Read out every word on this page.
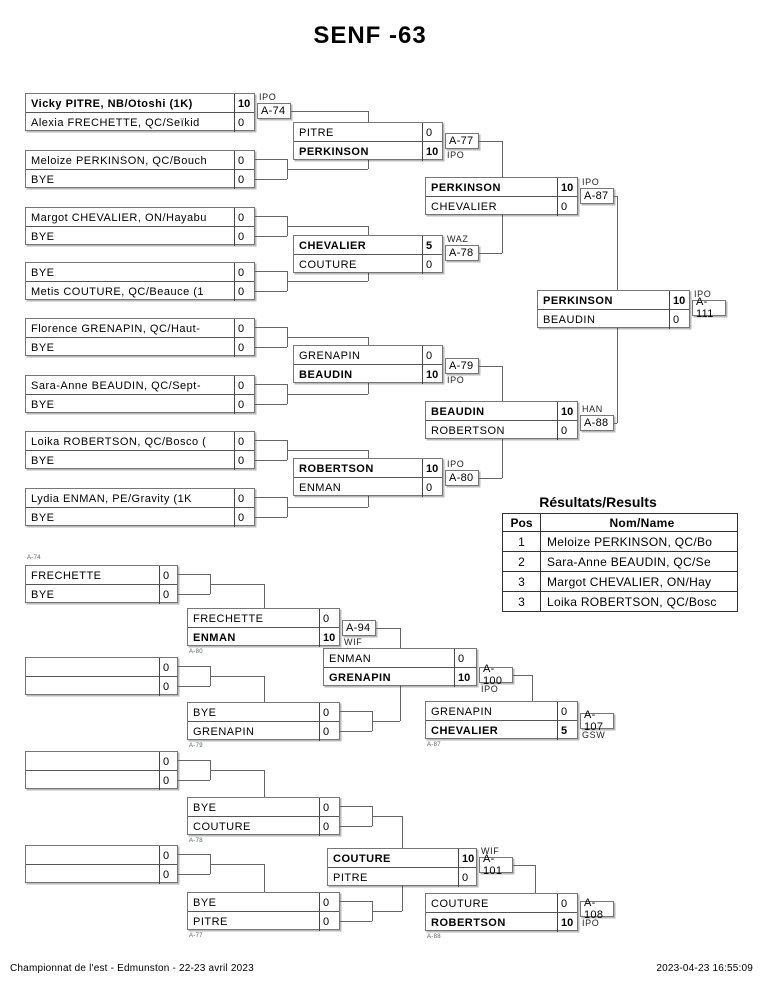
SENF -63
Vicky PITRE, NB/Otoshi (1K)	10
Alexia FRECHETTE, QC/Seïkid	0
A-74
IPO
Meloize PERKINSON, QC/Bouch	0
BYE	0
Margot CHEVALIER, ON/Hayabu	0
BYE	0
BYE	0
Metis COUTURE, QC/Beauce (1	0
Florence GRENAPIN, QC/Haut-	0
BYE	0
Sara-Anne BEAUDIN, QC/Sept-	0
BYE	0
Loika ROBERTSON, QC/Bosco (	0
BYE	0
Lydia ENMAN, PE/Gravity (1K	0
BYE	0
PITRE	0
PERKINSON	10
A-77
IPO
CHEVALIER	5
COUTURE	0
A-78
WAZ
GRENAPIN	0
BEAUDIN	10
A-79
IPO
ROBERTSON	10
ENMAN	0
A-80
IPO
PERKINSON	10
CHEVALIER	0
A-87
IPO
BEAUDIN	10
ROBERTSON	0
A-88
HAN
PERKINSON	10
BEAUDIN	0
A-111
IPO
FRECHETTE	0
BYE	0
A-74
0
0
FRECHETTE	0
ENMAN	10
A-80
A-94
WIF
BYE	0
GRENAPIN	0
A-79
ENMAN	0
GRENAPIN	10
A-100
IPO
GRENAPIN	0
CHEVALIER	5
A-87
A-107
GSW
0
0
BYE	0
COUTURE	0
A-78
0
0
BYE	0
PITRE	0
A-77
COUTURE	10
PITRE	0
A-101
WIF
COUTURE	0
ROBERTSON	10
A-88
A-108
IPO
Résultats/Results
Pos	Nom/Name
1	Meloize PERKINSON, QC/Bo
2	Sara-Anne BEAUDIN, QC/Se
3	Margot CHEVALIER, ON/Hay
3	Loika ROBERTSON, QC/Bosc
Championnat de l'est - Edmunston - 22-23 avril 2023	2023-04-23 16:55:09
